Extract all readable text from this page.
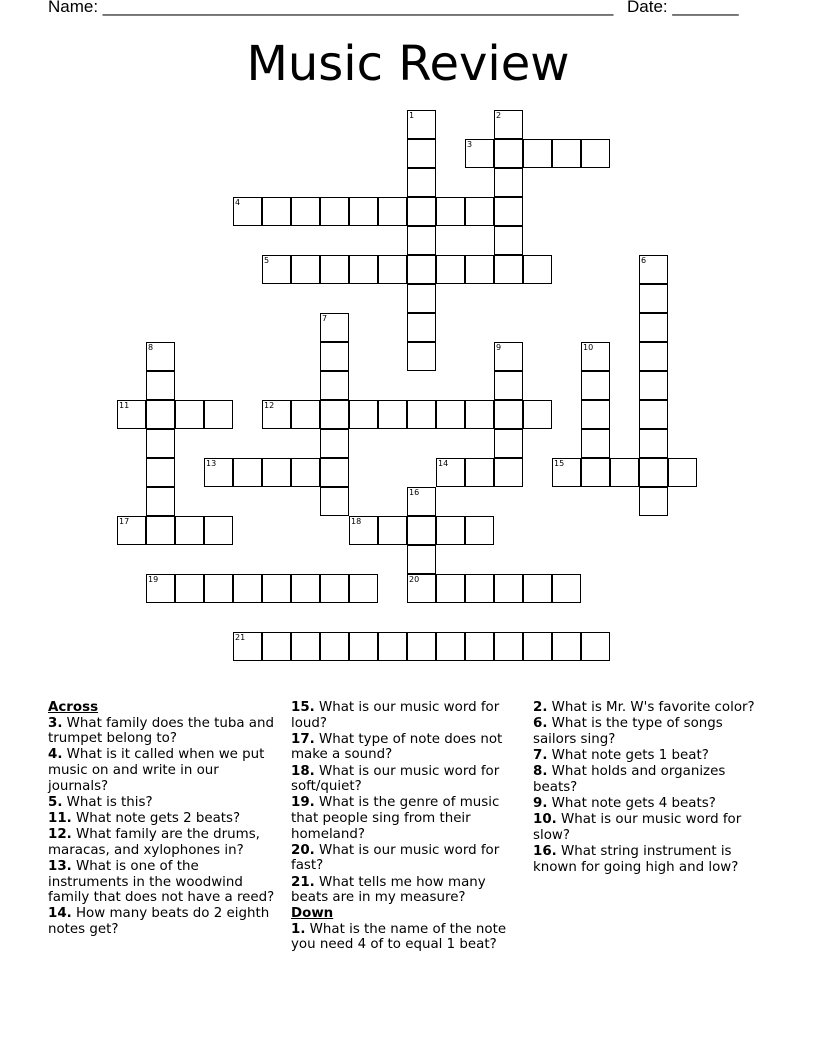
Name: ______________________________________________________ Date: _______
Music Review
1	2
3
4
5	6
7
8	9	10
11	12
13	14	15
16
20
17	18
19
21

Across

3. What family does the tuba and trumpet belong to?

4. What is it called when we put music on and write in our journals?

5. What is this?

11. What note gets 2 beats?

12. What family are the drums, maracas, and xylophones in?

13. What is one of the instruments in the woodwind family that does not have a reed?

14. How many beats do 2 eighth notes get?

15. What is our music word for loud?

17. What type of note does not make a sound?

18. What is our music word for soft/quiet?

19. What is the genre of music that people sing from their homeland?

20. What is our music word for fast?

21. What tells me how many beats are in my measure?

Down

1. What is the name of the note you need 4 of to equal 1 beat?

2. What is Mr. W's favorite color?

6. What is the type of songs sailors sing?

7. What note gets 1 beat?

8. What holds and organizes beats?

9. What note gets 4 beats?

10. What is our music word for slow?

16. What string instrument is known for going high and low?
